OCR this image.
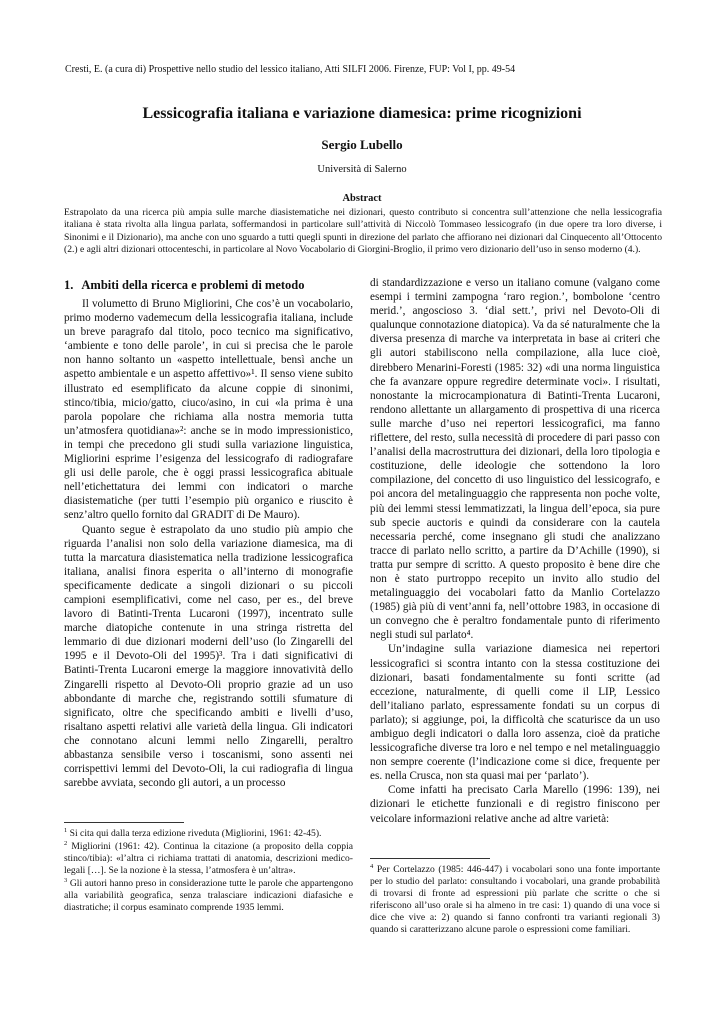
Cresti, E. (a cura di) Prospettive nello studio del lessico italiano, Atti SILFI 2006. Firenze, FUP: Vol I, pp. 49-54
Lessicografia italiana e variazione diamesica: prime ricognizioni
Sergio Lubello
Università di Salerno
Abstract
Estrapolato da una ricerca più ampia sulle marche diasistematiche nei dizionari, questo contributo si concentra sull’attenzione che nella lessicografia italiana è stata rivolta alla lingua parlata, soffermandosi in particolare sull’attività di Niccolò Tommaseo lessicografo (in due opere tra loro diverse, i Sinonimi e il Dizionario), ma anche con uno sguardo a tutti quegli spunti in direzione del parlato che affiorano nei dizionari dal Cinquecento all’Ottocento (2.) e agli altri dizionari ottocenteschi, in particolare al Novo Vocabolario di Giorgini-Broglio, il primo vero dizionario dell’uso in senso moderno (4.).
1. Ambiti della ricerca e problemi di metodo

Il volumetto di Bruno Migliorini, Che cos’è un vocabolario, primo moderno vademecum della lessicografia italiana, include un breve paragrafo dal titolo, poco tecnico ma significativo, ‘ambiente e tono delle parole’, in cui si precisa che le parole non hanno soltanto un «aspetto intellettuale, bensì anche un aspetto ambientale e un aspetto affettivo»¹. Il senso viene subito illustrato ed esemplificato da alcune coppie di sinonimi, stinco/tibia, micio/gatto, ciuco/asino, in cui «la prima è una parola popolare che richiama alla nostra memoria tutta un’atmosfera quotidiana»²: anche se in modo impressionistico, in tempi che precedono gli studi sulla variazione linguistica, Migliorini esprime l’esigenza del lessicografo di radiografare gli usi delle parole, che è oggi prassi lessicografica abituale nell’etichettatura dei lemmi con indicatori o marche diasistematiche (per tutti l’esempio più organico e riuscito è senz’altro quello fornito dal GRADIT di De Mauro).

Quanto segue è estrapolato da uno studio più ampio che riguarda l’analisi non solo della variazione diamesica, ma di tutta la marcatura diasistematica nella tradizione lessicografica italiana, analisi finora esperita o all’interno di monografie specificamente dedicate a singoli dizionari o su piccoli campioni esemplificativi, come nel caso, per es., del breve lavoro di Batinti-Trenta Lucaroni (1997), incentrato sulle marche diatopiche contenute in una stringa ristretta del lemmario di due dizionari moderni dell’uso (lo Zingarelli del 1995 e il Devoto-Oli del 1995)³. Tra i dati significativi di Batinti-Trenta Lucaroni emerge la maggiore innovatività dello Zingarelli rispetto al Devoto-Oli proprio grazie ad un uso abbondante di marche che, registrando sottili sfumature di significato, oltre che specificando ambiti e livelli d’uso, risaltano aspetti relativi alle varietà della lingua. Gli indicatori che connotano alcuni lemmi nello Zingarelli, peraltro abbastanza sensibile verso i toscanismi, sono assenti nei corrispettivi lemmi del Devoto-Oli, la cui radiografia di lingua sarebbe avviata, secondo gli autori, a un processo

di standardizzazione e verso un italiano comune (valgano come esempi i termini zampogna ‘raro region.’, bombolone ‘centro merid.’, angoscioso 3. ‘dial sett.’, privi nel Devoto-Oli di qualunque connotazione diatopica). Va da sé naturalmente che la diversa presenza di marche va interpretata in base ai criteri che gli autori stabiliscono nella compilazione, alla luce cioè, direbbero Menarini-Foresti (1985: 32) «di una norma linguistica che fa avanzare oppure regredire determinate voci». I risultati, nonostante la microcampionatura di Batinti-Trenta Lucaroni, rendono allettante un allargamento di prospettiva di una ricerca sulle marche d’uso nei repertori lessicografici, ma fanno riflettere, del resto, sulla necessità di procedere di pari passo con l’analisi della macrostruttura dei dizionari, della loro tipologia e costituzione, delle ideologie che sottendono la loro compilazione, del concetto di uso linguistico del lessicografo, e poi ancora del metalinguaggio che rappresenta non poche volte, più dei lemmi stessi lemmatizzati, la lingua dell’epoca, sia pure sub specie auctoris e quindi da considerare con la cautela necessaria perché, come insegnano gli studi che analizzano tracce di parlato nello scritto, a partire da D’Achille (1990), si tratta pur sempre di scritto. A questo proposito è bene dire che non è stato purtroppo recepito un invito allo studio del metalinguaggio dei vocabolari fatto da Manlio Cortelazzo (1985) già più di vent’anni fa, nell’ottobre 1983, in occasione di un convegno che è peraltro fondamentale punto di riferimento negli studi sul parlato⁴.

Un’indagine sulla variazione diamesica nei repertori lessicografici si scontra intanto con la stessa costituzione dei dizionari, basati fondamentalmente su fonti scritte (ad eccezione, naturalmente, di quelli come il LIP, Lessico dell’italiano parlato, espressamente fondati su un corpus di parlato); si aggiunge, poi, la difficoltà che scaturisce da un uso ambiguo degli indicatori o dalla loro assenza, cioè da pratiche lessicografiche diverse tra loro e nel tempo e nel metalinguaggio non sempre coerente (l’indicazione come si dice, frequente per es. nella Crusca, non sta quasi mai per ‘parlato’).

Come infatti ha precisato Carla Marello (1996: 139), nei dizionari le etichette funzionali e di registro finiscono per veicolare informazioni relative anche ad altre varietà:

$^1$ Si cita qui dalla terza edizione riveduta (Migliorini, 1961: 42-45).
$^2$ Migliorini (1961: 42). Continua la citazione (a proposito della coppia stinco/tibia): «l’altra ci richiama trattati di anatomia, descrizioni medico-legali […]. Se la nozione è la stessa, l’atmosfera è un’altra».
$^3$ Gli autori hanno preso in considerazione tutte le parole che appartengono alla variabilità geografica, senza tralasciare indicazioni diafasiche e diastratiche; il corpus esaminato comprende 1935 lemmi.
$^4$ Per Cortelazzo (1985: 446-447) i vocabolari sono una fonte importante per lo studio del parlato: consultando i vocabolari, una grande probabilità di trovarsi di fronte ad espressioni più parlate che scritte o che si riferiscono all’uso orale si ha almeno in tre casi: 1) quando di una voce si dice che vive a: 2) quando si fanno confronti tra varianti regionali 3) quando si caratterizzano alcune parole o espressioni come familiari.
